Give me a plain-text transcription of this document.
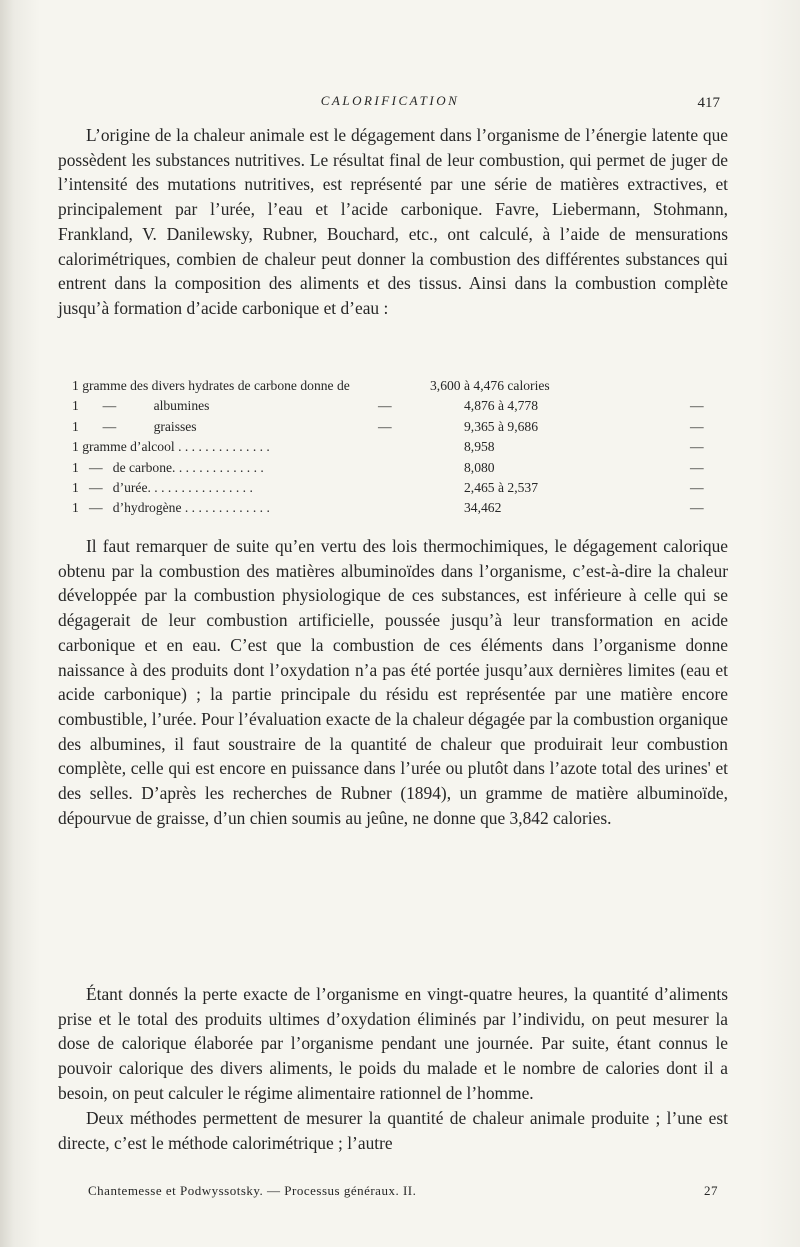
CALORIFICATION	417

L’origine de la chaleur animale est le dégagement dans l’organisme de l’énergie latente que possèdent les substances nutritives. Le résultat final de leur combustion, qui permet de juger de l’intensité des mutations nutritives, est représenté par une série de matières extractives, et principalement par l’urée, l’eau et l’acide carbonique. Favre, Liebermann, Stohmann, Frankland, V. Danilewsky, Rubner, Bouchard, etc., ont calculé, à l’aide de mensurations calorimétriques, combien de chaleur peut donner la combustion des différentes substances qui entrent dans la composition des aliments et des tissus. Ainsi dans la combustion complète jusqu’à formation d’acide carbonique et d’eau :

1 gramme des divers hydrates de carbone donne de	3,600 à 4,476 calories
1       —           albumines	—	4,876 à 4,778	—
1       —           graisses	—	9,365 à 9,686	—
1 gramme d’alcool . . . . . . . . . . . . . .	8,958	—
1   —   de carbone. . . . . . . . . . . . . .	8,080	—
1   —   d’urée. . . . . . . . . . . . . . . .	2,465 à 2,537	—
1   —   d’hydrogène . . . . . . . . . . . . .	34,462	—

Il faut remarquer de suite qu’en vertu des lois thermochimiques, le dégagement calorique obtenu par la combustion des matières albuminoïdes dans l’organisme, c’est-à-dire la chaleur développée par la combustion physiologique de ces substances, est inférieure à celle qui se dégagerait de leur combustion artificielle, poussée jusqu’à leur transformation en acide carbonique et en eau. C’est que la combustion de ces éléments dans l’organisme donne naissance à des produits dont l’oxydation n’a pas été portée jusqu’aux dernières limites (eau et acide carbonique) ; la partie principale du résidu est représentée par une matière encore combustible, l’urée. Pour l’évaluation exacte de la chaleur dégagée par la combustion organique des albumines, il faut soustraire de la quantité de chaleur que produirait leur combustion complète, celle qui est encore en puissance dans l’urée ou plutôt dans l’azote total des urines' et des selles. D’après les recherches de Rubner (1894), un gramme de matière albuminoïde, dépourvue de graisse, d’un chien soumis au jeûne, ne donne que 3,842 calories.

Étant donnés la perte exacte de l’organisme en vingt-quatre heures, la quantité d’aliments prise et le total des produits ultimes d’oxydation éliminés par l’individu, on peut mesurer la dose de calorique élaborée par l’organisme pendant une journée. Par suite, étant connus le pouvoir calorique des divers aliments, le poids du malade et le nombre de calories dont il a besoin, on peut calculer le régime alimentaire rationnel de l’homme.

Deux méthodes permettent de mesurer la quantité de chaleur animale produite ; l’une est directe, c’est le méthode calorimétrique ; l’autre

Chantemesse et Podwyssotsky. — Processus généraux. II.	27
